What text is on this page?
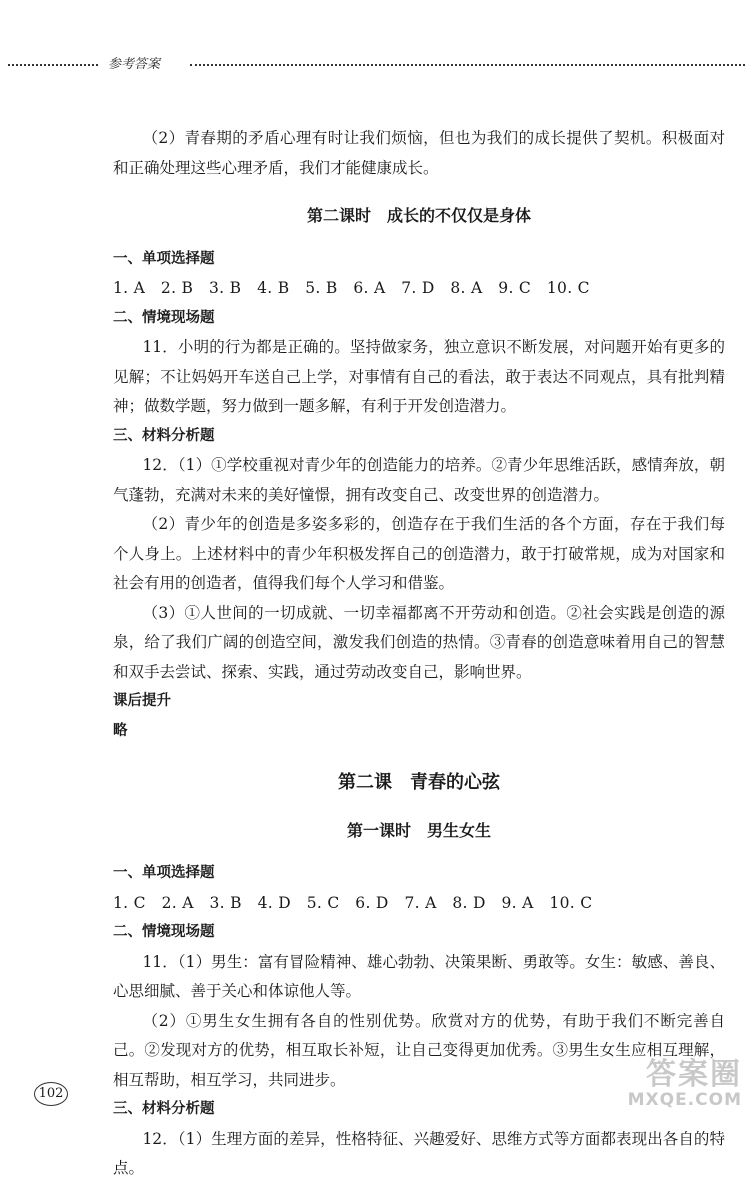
参考答案

（2）青春期的矛盾心理有时让我们烦恼，但也为我们的成长提供了契机。积极面对和正确处理这些心理矛盾，我们才能健康成长。

第二课时　成长的不仅仅是身体

一、单项选择题

1. A　2. B　3. B　4. B　5. B　6. A　7. D　8. A　9. C　10. C

二、情境现场题

11．小明的行为都是正确的。坚持做家务，独立意识不断发展，对问题开始有更多的见解；不让妈妈开车送自己上学，对事情有自己的看法，敢于表达不同观点，具有批判精神；做数学题，努力做到一题多解，有利于开发创造潜力。

三、材料分析题

12．（1）①学校重视对青少年的创造能力的培养。②青少年思维活跃，感情奔放，朝气蓬勃，充满对未来的美好憧憬，拥有改变自己、改变世界的创造潜力。

（2）青少年的创造是多姿多彩的，创造存在于我们生活的各个方面，存在于我们每个人身上。上述材料中的青少年积极发挥自己的创造潜力，敢于打破常规，成为对国家和社会有用的创造者，值得我们每个人学习和借鉴。

（3）①人世间的一切成就、一切幸福都离不开劳动和创造。②社会实践是创造的源泉，给了我们广阔的创造空间，激发我们创造的热情。③青春的创造意味着用自己的智慧和双手去尝试、探索、实践，通过劳动改变自己，影响世界。

课后提升

略

第二课　青春的心弦
第一课时　男生女生

一、单项选择题

1. C　2. A　3. B　4. D　5. C　6. D　7. A　8. D　9. A　10. C

二、情境现场题

11．（1）男生：富有冒险精神、雄心勃勃、决策果断、勇敢等。女生：敏感、善良、心思细腻、善于关心和体谅他人等。

（2）①男生女生拥有各自的性别优势。欣赏对方的优势，有助于我们不断完善自己。②发现对方的优势，相互取长补短，让自己变得更加优秀。③男生女生应相互理解，相互帮助，相互学习，共同进步。

三、材料分析题

12．（1）生理方面的差异，性格特征、兴趣爱好、思维方式等方面都表现出各自的特点。

102
答案圈
MXQE.COM
